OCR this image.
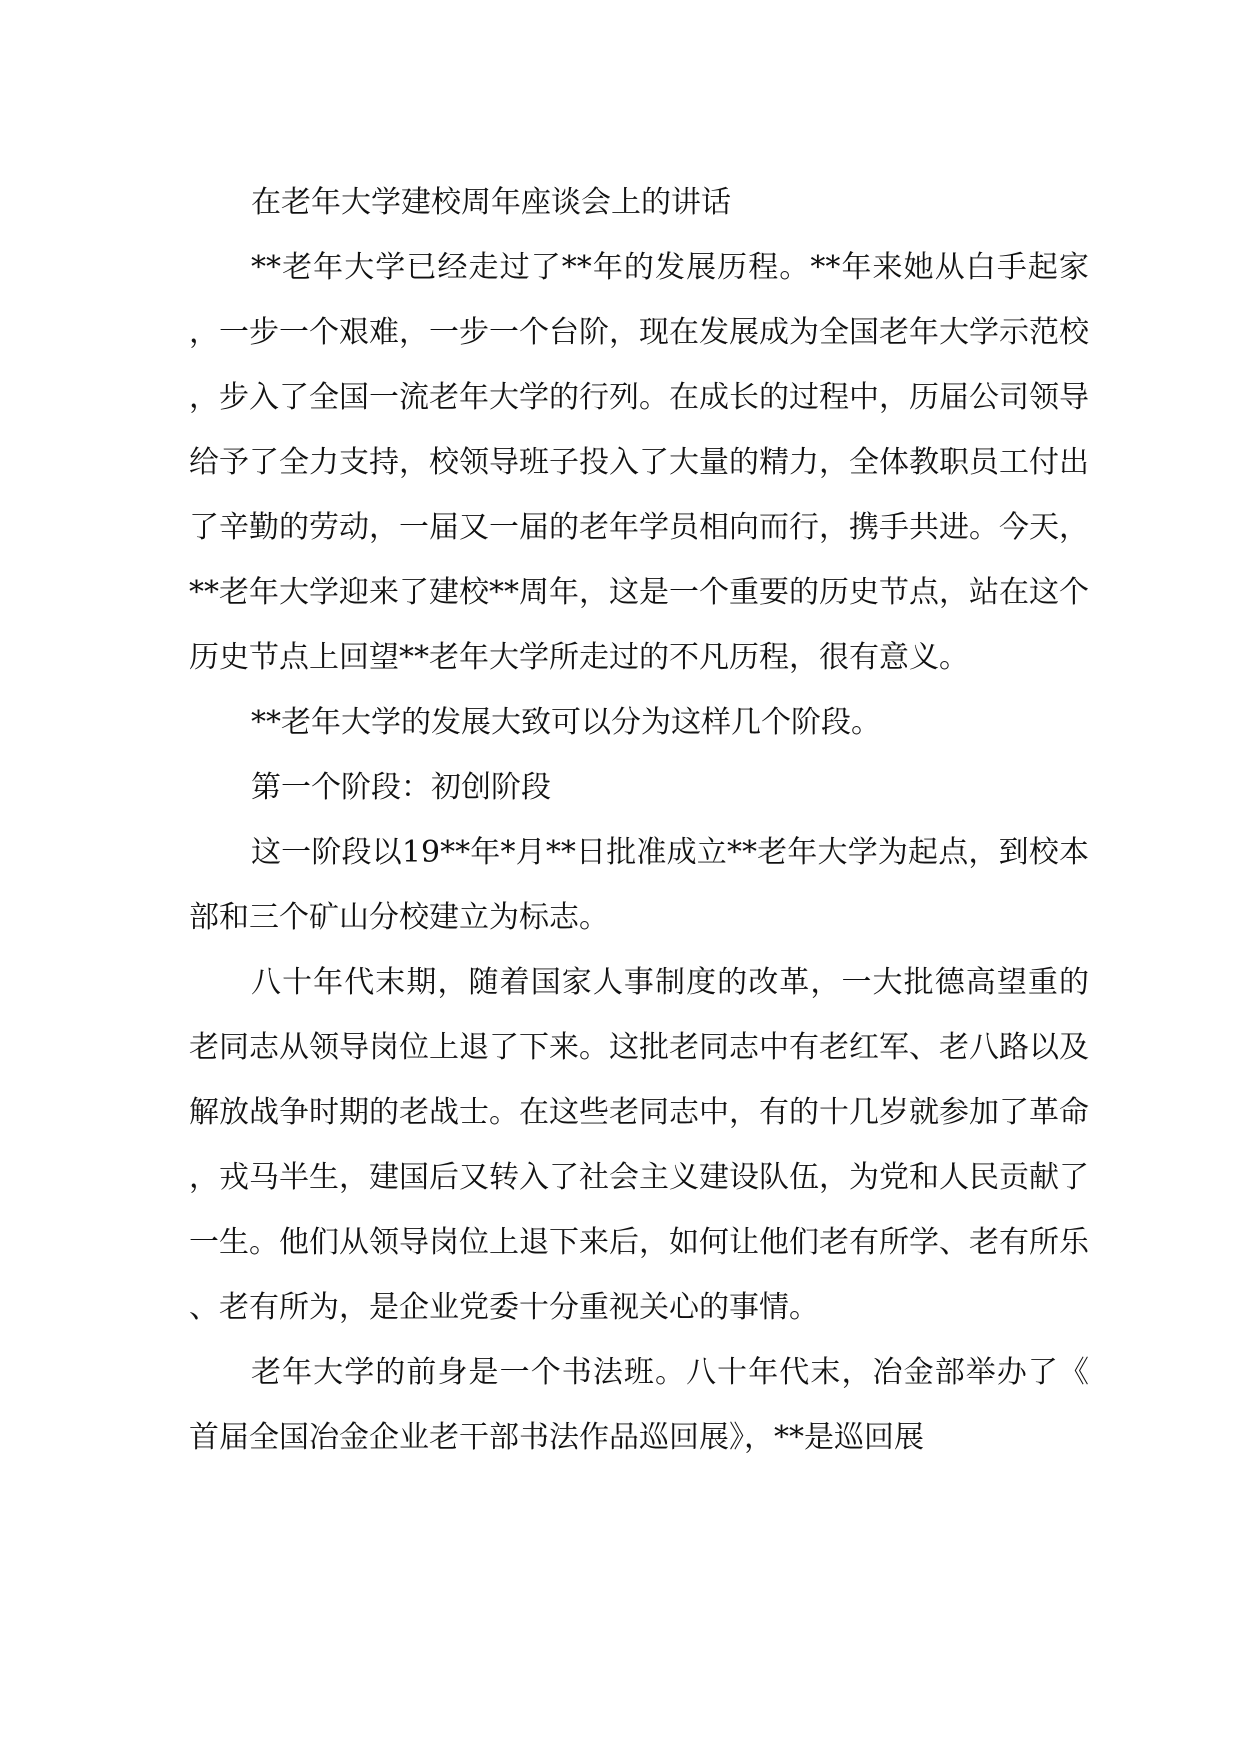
在老年大学建校周年座谈会上的讲话

**老年大学已经走过了**年的发展历程。**年来她从白手起家，一步一个艰难，一步一个台阶，现在发展成为全国老年大学示范校，步入了全国一流老年大学的行列。在成长的过程中，历届公司领导给予了全力支持，校领导班子投入了大量的精力，全体教职员工付出了辛勤的劳动，一届又一届的老年学员相向而行，携手共进。今天，**老年大学迎来了建校**周年，这是一个重要的历史节点，站在这个历史节点上回望**老年大学所走过的不凡历程，很有意义。

**老年大学的发展大致可以分为这样几个阶段。

第一个阶段：初创阶段

这一阶段以19**年*月**日批准成立**老年大学为起点，到校本部和三个矿山分校建立为标志。

八十年代末期，随着国家人事制度的改革，一大批德高望重的老同志从领导岗位上退了下来。这批老同志中有老红军、老八路以及解放战争时期的老战士。在这些老同志中，有的十几岁就参加了革命，戎马半生，建国后又转入了社会主义建设队伍，为党和人民贡献了一生。他们从领导岗位上退下来后，如何让他们老有所学、老有所乐、老有所为，是企业党委十分重视关心的事情。

老年大学的前身是一个书法班。八十年代末，冶金部举办了《首届全国冶金企业老干部书法作品巡回展》，**是巡回展
